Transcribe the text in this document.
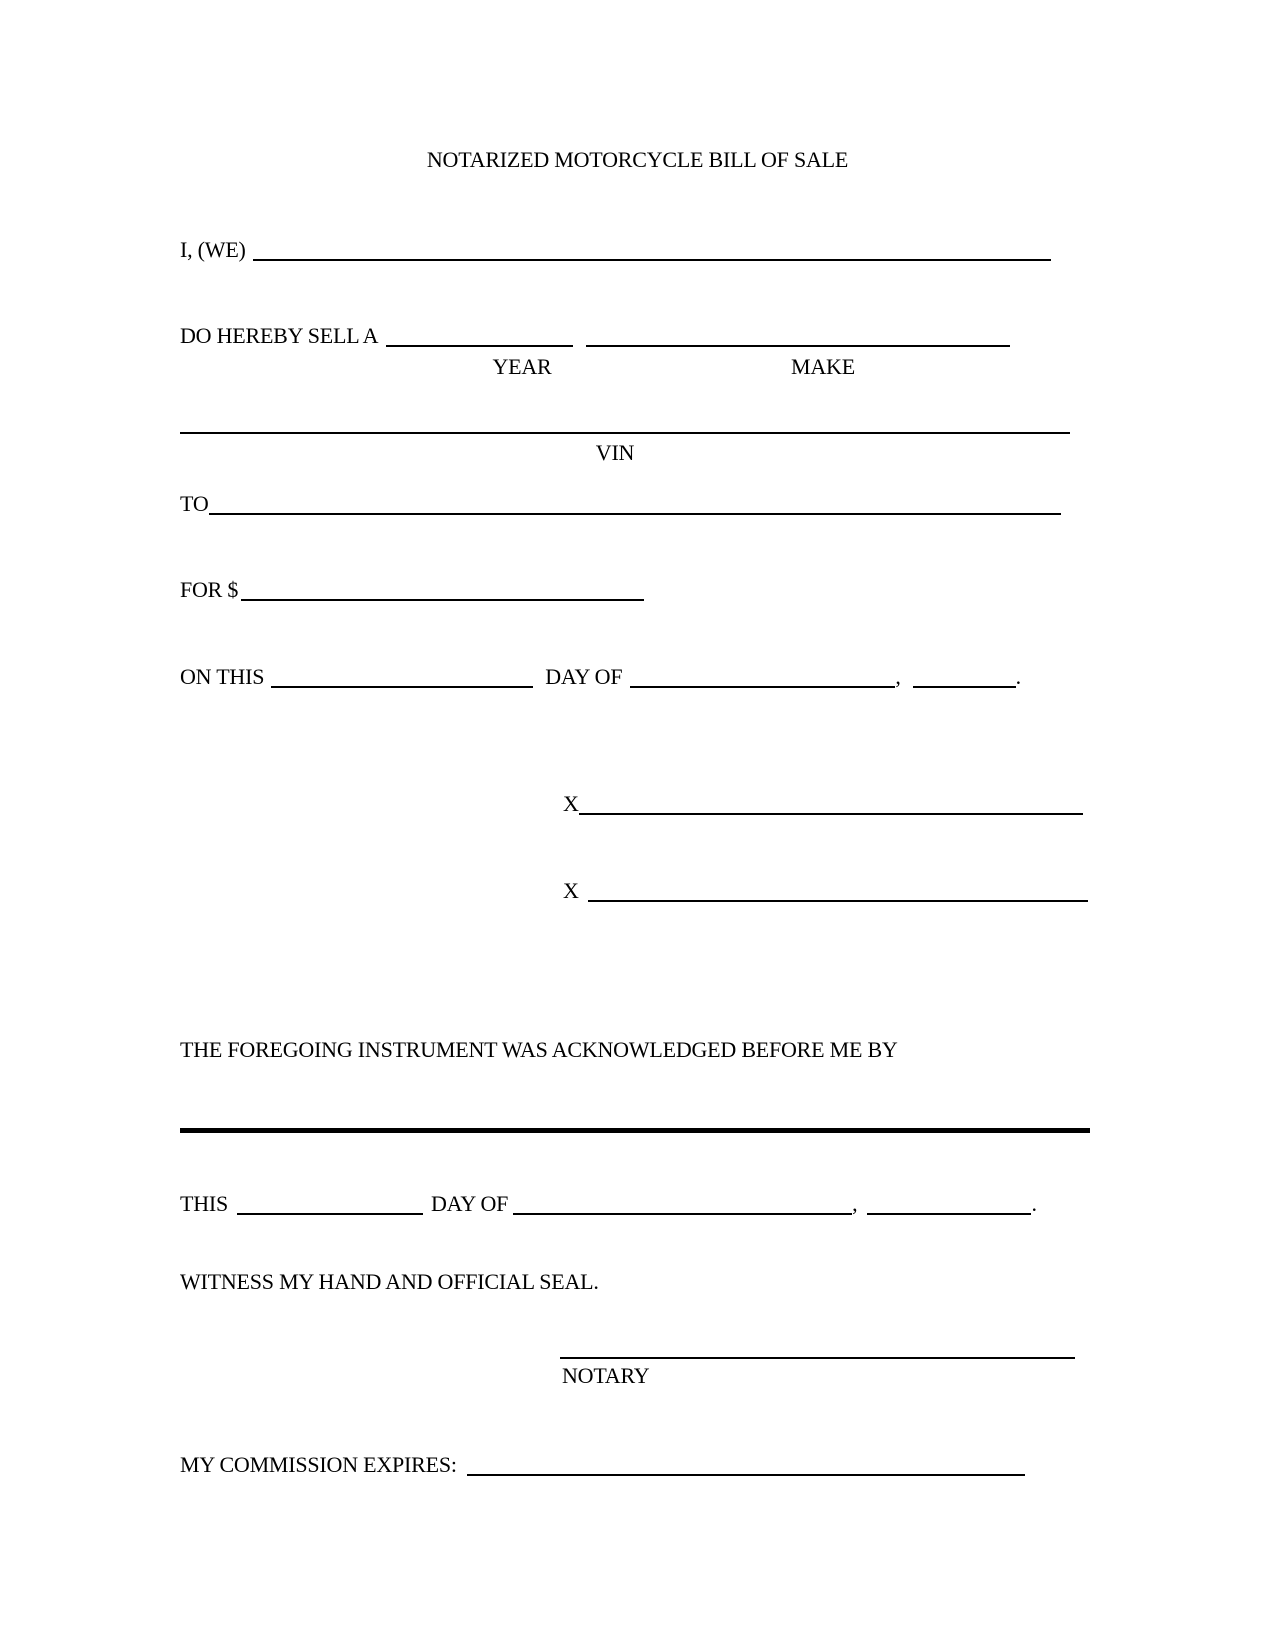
NOTARIZED MOTORCYCLE BILL OF SALE
I, (WE)
DO HEREBY SELL A
YEAR	MAKE
VIN
TO
FOR $
ON THIS	DAY OF	,	.
X
X
THE FOREGOING INSTRUMENT WAS ACKNOWLEDGED BEFORE ME BY
THIS	DAY OF	,	.
WITNESS MY HAND AND OFFICIAL SEAL.
NOTARY
MY COMMISSION EXPIRES:
